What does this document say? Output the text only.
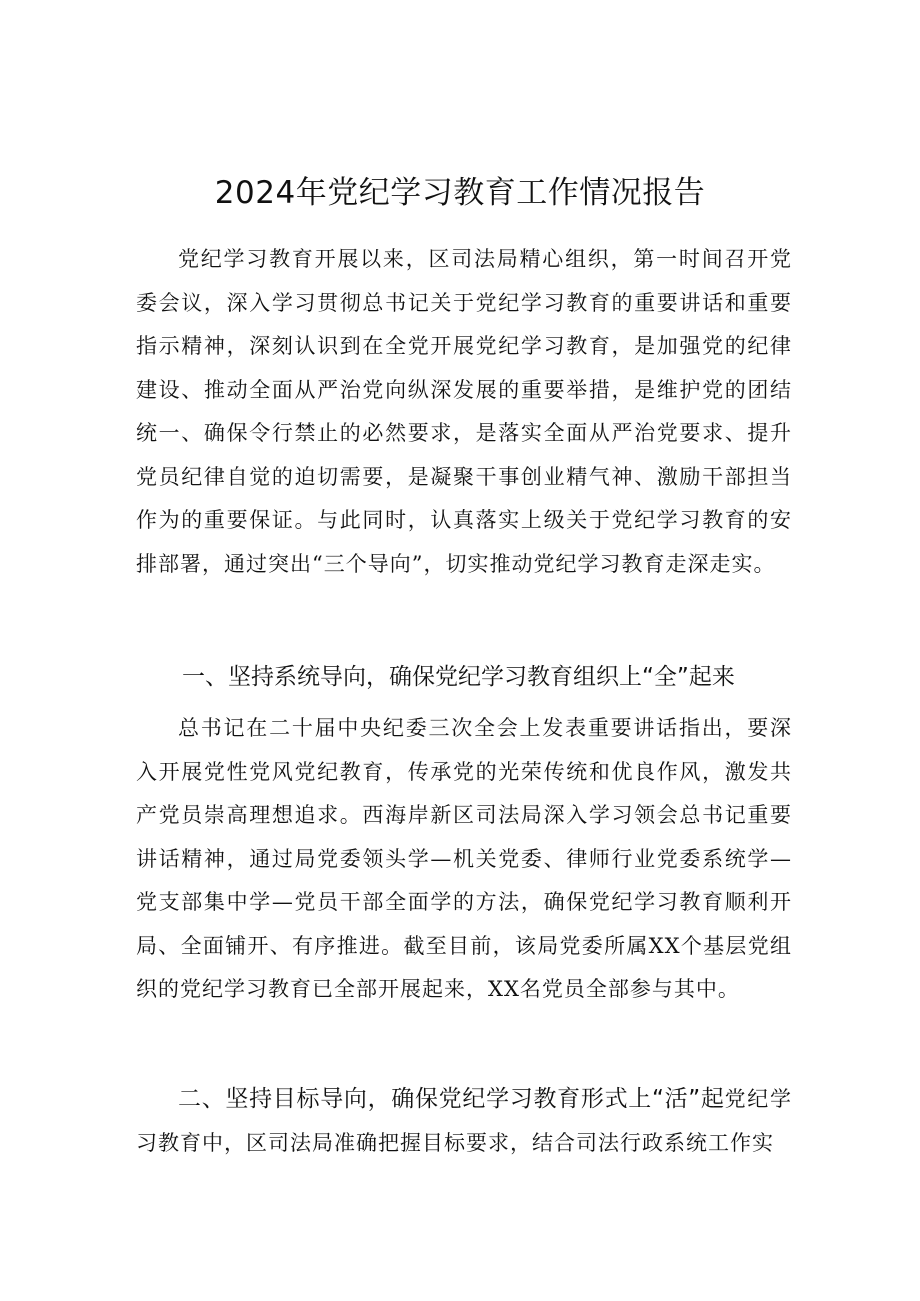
2024年党纪学习教育工作情况报告

党纪学习教育开展以来，区司法局精心组织，第一时间召开党委会议，深入学习贯彻总书记关于党纪学习教育的重要讲话和重要指示精神，深刻认识到在全党开展党纪学习教育，是加强党的纪律建设、推动全面从严治党向纵深发展的重要举措，是维护党的团结统一、确保令行禁止的必然要求，是落实全面从严治党要求、提升党员纪律自觉的迫切需要，是凝聚干事创业精气神、激励干部担当作为的重要保证。与此同时，认真落实上级关于党纪学习教育的安排部署，通过突出“三个导向”，切实推动党纪学习教育走深走实。

一、坚持系统导向，确保党纪学习教育组织上“全”起来

总书记在二十届中央纪委三次全会上发表重要讲话指出，要深入开展党性党风党纪教育，传承党的光荣传统和优良作风，激发共产党员崇高理想追求。西海岸新区司法局深入学习领会总书记重要讲话精神，通过局党委领头学—机关党委、律师行业党委系统学—党支部集中学—党员干部全面学的方法，确保党纪学习教育顺利开局、全面铺开、有序推进。截至目前，该局党委所属XX个基层党组织的党纪学习教育已全部开展起来，XX名党员全部参与其中。

二、坚持目标导向，确保党纪学习教育形式上“活”起党纪学习教育中，区司法局准确把握目标要求，结合司法行政系统工作实
